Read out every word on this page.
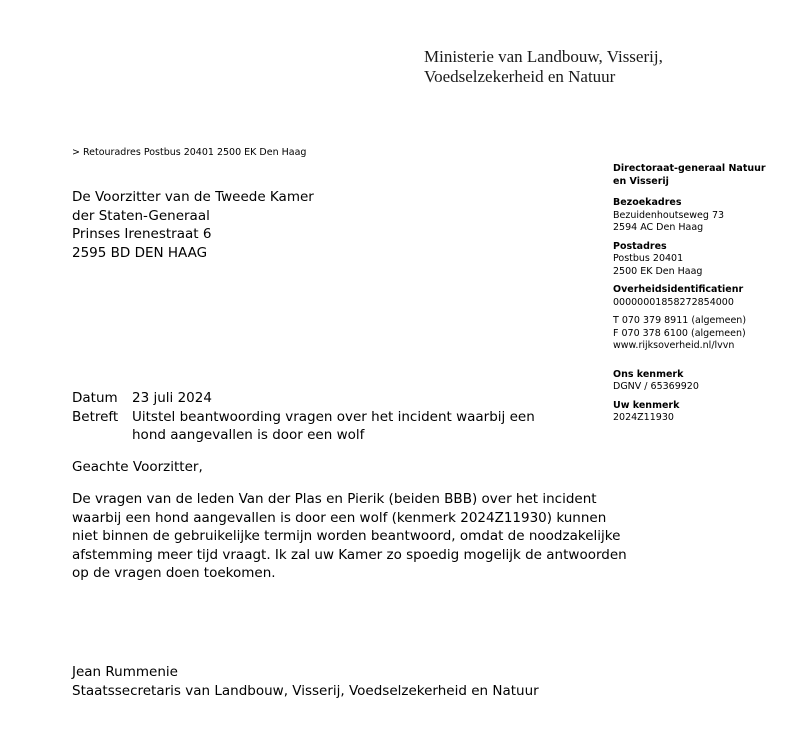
Ministerie van Landbouw, Visserij,
Voedselzekerheid en Natuur
> Retouradres Postbus 20401 2500 EK Den Haag
De Voorzitter van de Tweede Kamer
der Staten-Generaal
Prinses Irenestraat 6
2595 BD DEN HAAG
Directoraat-generaal Natuur
en Visserij
Bezoekadres
Bezuidenhoutseweg 73
2594 AC Den Haag
Postadres
Postbus 20401
2500 EK Den Haag
Overheidsidentificatienr
00000001858272854000
T 070 379 8911 (algemeen)
F 070 378 6100 (algemeen)
www.rijksoverheid.nl/lvvn
Ons kenmerk
DGNV / 65369920
Uw kenmerk
2024Z11930
Datum	23 juli 2024
Betreft	Uitstel beantwoording vragen over het incident waarbij een hond aangevallen is door een wolf
Geachte Voorzitter,
De vragen van de leden Van der Plas en Pierik (beiden BBB) over het incident
waarbij een hond aangevallen is door een wolf (kenmerk 2024Z11930) kunnen
niet binnen de gebruikelijke termijn worden beantwoord, omdat de noodzakelijke
afstemming meer tijd vraagt. Ik zal uw Kamer zo spoedig mogelijk de antwoorden
op de vragen doen toekomen.
Jean Rummenie
Staatssecretaris van Landbouw, Visserij, Voedselzekerheid en Natuur
